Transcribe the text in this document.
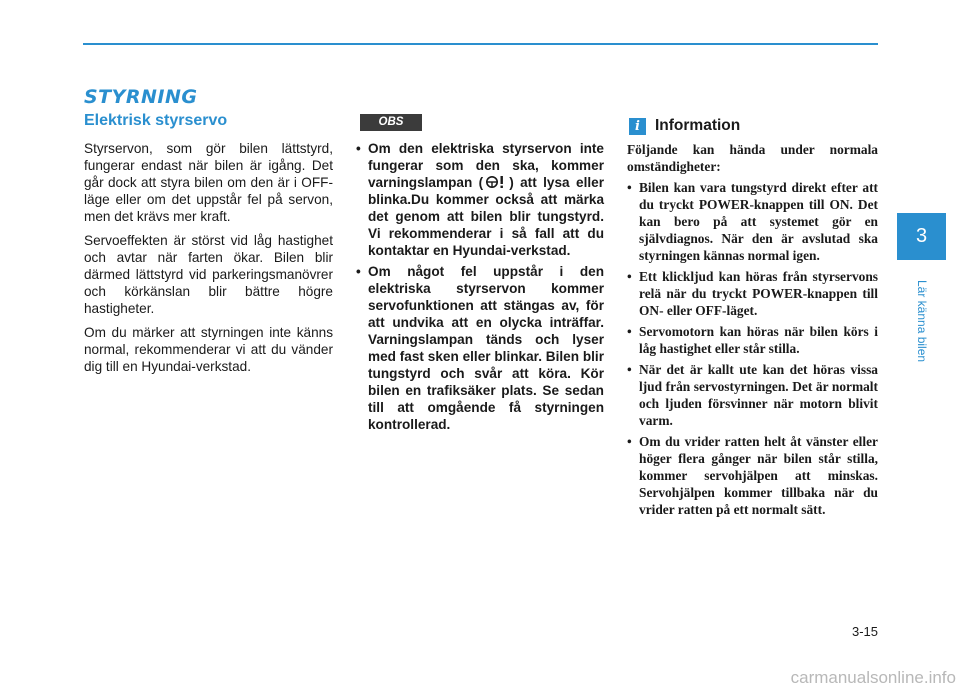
STYRNING
Elektrisk styrservo

Styrservon, som gör bilen lättstyrd, fungerar endast när bilen är igång. Det går dock att styra bilen om den är i OFF-läge eller om det uppstår fel på servon, men det krävs mer kraft.

Servoeffekten är störst vid låg hastighet och avtar när farten ökar. Bilen blir därmed lättstyrd vid parkeringsmanövrer och körkänslan blir bättre högre hastigheter.

Om du märker att styrningen inte känns normal, rekommenderar vi att du vänder dig till en Hyundai-verkstad.

OBS
• Om den elektriska styrservon inte fungerar som den ska, kommer varningslampan ( ) att lysa eller blinka.Du kommer också att märka det genom att bilen blir tungstyrd. Vi rekommenderar i så fall att du kontaktar en Hyundai-verkstad.
• Om något fel uppstår i den elektriska styrservon kommer servofunktionen att stängas av, för att undvika att en olycka inträffar. Varningslampan tänds och lyser med fast sken eller blinkar. Bilen blir tungstyrd och svår att köra. Kör bilen en trafiksäker plats. Se sedan till att omgående få styrningen kontrollerad.
i Information

Följande kan hända under normala omständigheter:

• Bilen kan vara tungstyrd direkt efter att du tryckt POWER-knappen till ON. Det kan bero på att systemet gör en självdiagnos. När den är avslutad ska styrningen kännas normal igen.
• Ett klickljud kan höras från styrservons relä när du tryckt POWER-knappen till ON- eller OFF-läget.
• Servomotorn kan höras när bilen körs i låg hastighet eller står stilla.
• När det är kallt ute kan det höras vissa ljud från servostyrningen. Det är normalt och ljuden försvinner när motorn blivit varm.
• Om du vrider ratten helt åt vänster eller höger flera gånger när bilen står stilla, kommer servohjälpen att minskas. Servohjälpen kommer tillbaka när du vrider ratten på ett normalt sätt.
3
Lär känna bilen
3-15
carmanualsonline.info
